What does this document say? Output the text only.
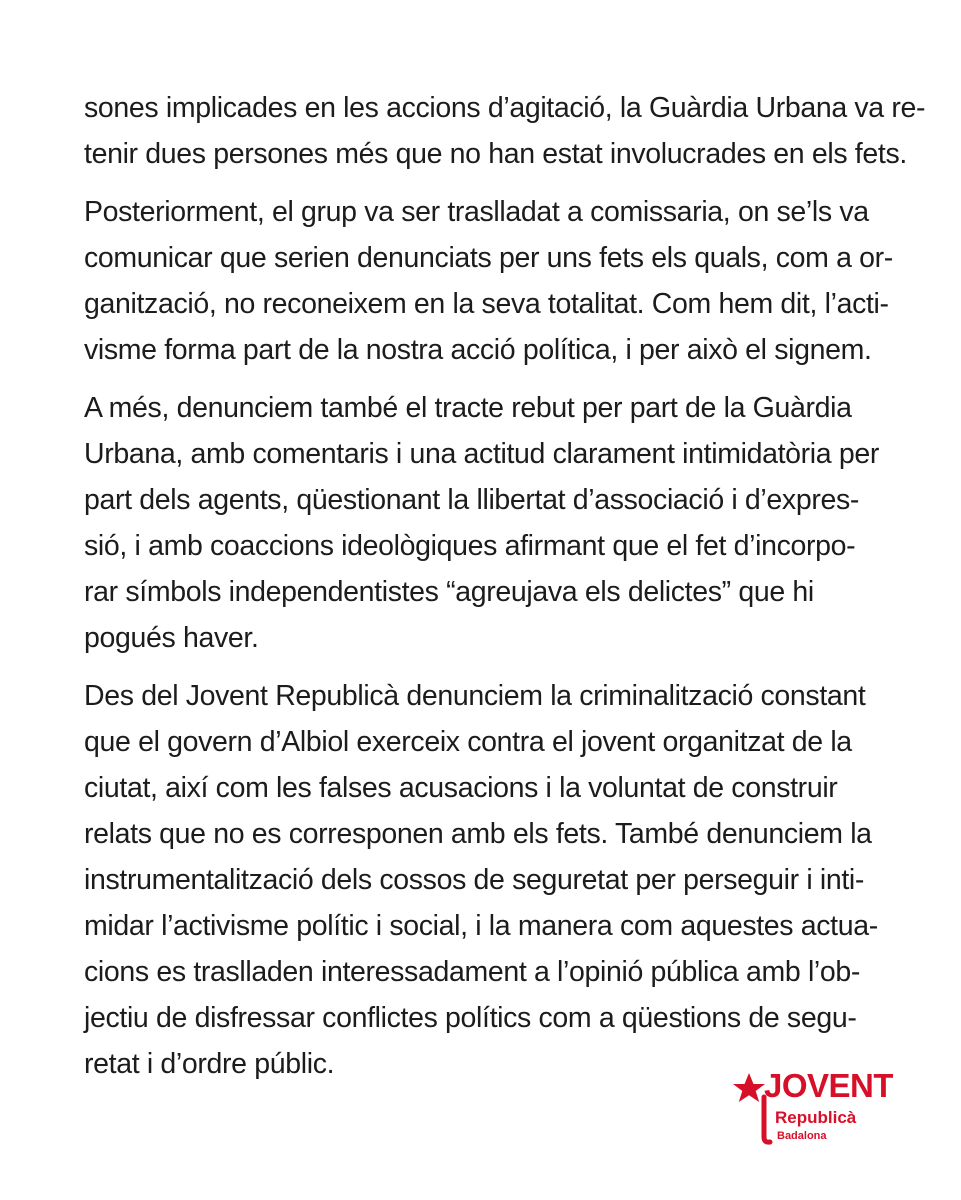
sones implicades en les accions d’agitació, la Guàrdia Urbana va re-
tenir dues persones més que no han estat involucrades en els fets.
Posteriorment, el grup va ser traslladat a comissaria, on se’ls va
comunicar que serien denunciats per uns fets els quals, com a or-
ganització, no reconeixem en la seva totalitat. Com hem dit, l’acti-
visme forma part de la nostra acció política, i per això el signem.
A més, denunciem també el tracte rebut per part de la Guàrdia
Urbana, amb comentaris i una actitud clarament intimidatòria per
part dels agents, qüestionant la llibertat d’associació i d’expres-
sió, i amb coaccions ideològiques afirmant que el fet d’incorpo-
rar símbols independentistes “agreujava els delictes” que hi
pogués haver.
Des del Jovent Republicà denunciem la criminalització constant
que el govern d’Albiol exerceix contra el jovent organitzat de la
ciutat, així com les falses acusacions i la voluntat de construir
relats que no es corresponen amb els fets. També denunciem la
instrumentalització dels cossos de seguretat per perseguir i inti-
midar l’activisme polític i social, i la manera com aquestes actua-
cions es traslladen interessadament a l’opinió pública amb l’ob-
jectiu de disfressar conflictes polítics com a qüestions de segu-
retat i d’ordre públic.
JOVENT
Republicà
Badalona
